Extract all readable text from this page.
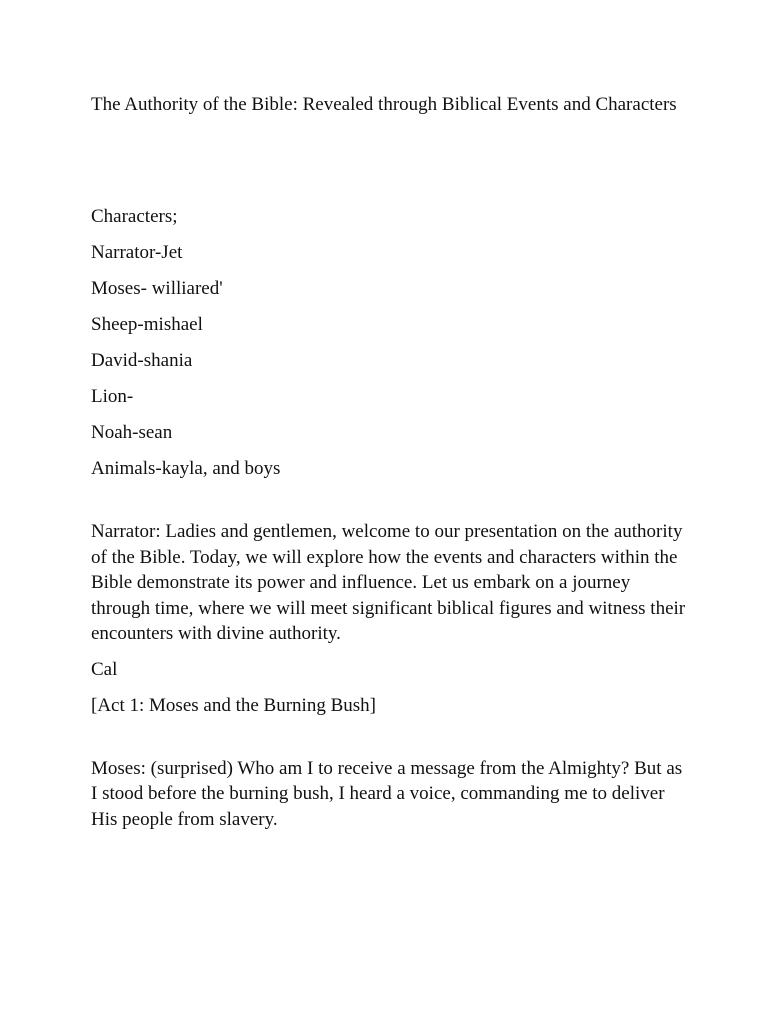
The Authority of the Bible: Revealed through Biblical Events and Characters

Characters;

Narrator-Jet
Moses- williared'
Sheep-mishael
David-shania
Lion-
Noah-sean
Animals-kayla, and boys

Narrator: Ladies and gentlemen, welcome to our presentation on the authority of the Bible. Today, we will explore how the events and characters within the Bible demonstrate its power and influence. Let us embark on a journey through time, where we will meet significant biblical figures and witness their encounters with divine authority.

Cal

[Act 1: Moses and the Burning Bush]

Moses: (surprised) Who am I to receive a message from the Almighty? But as I stood before the burning bush, I heard a voice, commanding me to deliver His people from slavery.
